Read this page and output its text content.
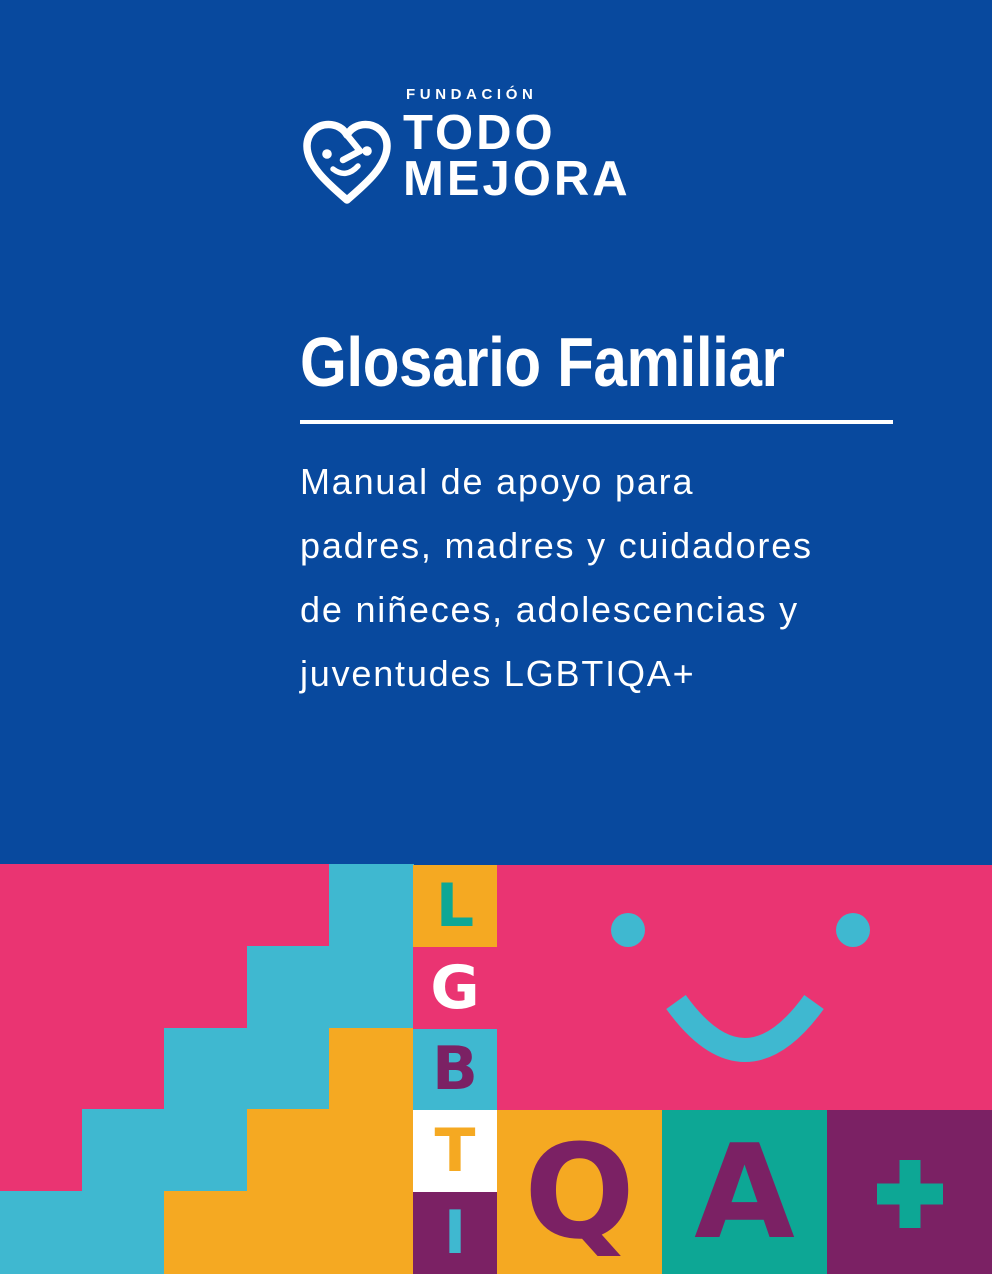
FUNDACIÓN
TODO
MEJORA
Glosario Familiar
Manual de apoyo para
padres, madres y cuidadores
de niñeces, adolescencias y
juventudes LGBTIQA+
L
G
B
T
I Q A
